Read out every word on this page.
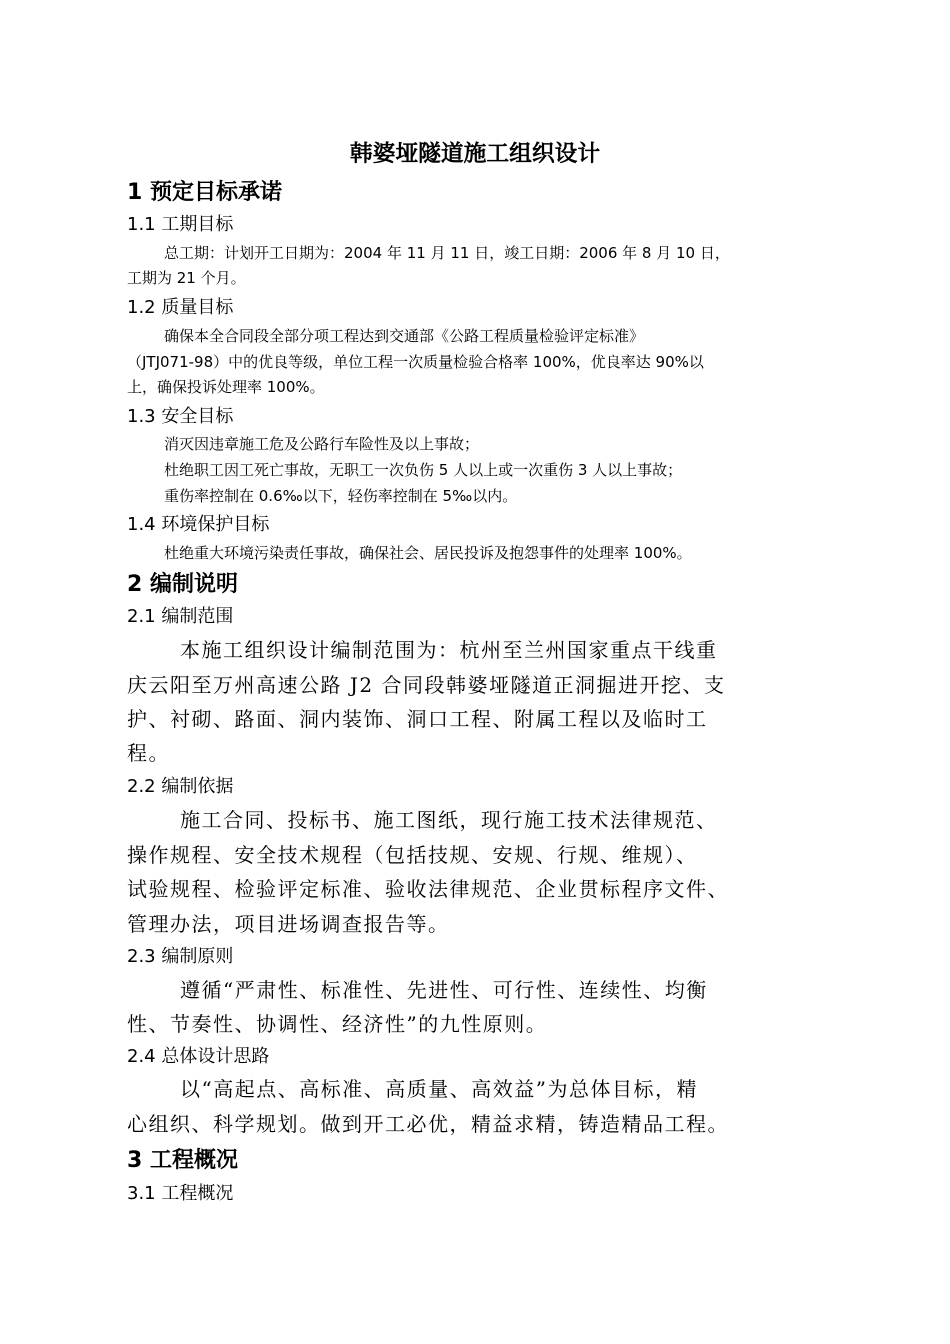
韩婆垭隧道施工组织设计
1 预定目标承诺
1.1 工期目标
总工期：计划开工日期为：2004 年 11 月 11 日，竣工日期：2006 年 8 月 10 日，
工期为 21 个月。
1.2 质量目标
确保本全合同段全部分项工程达到交通部《公路工程质量检验评定标准》
（JTJ071-98）中的优良等级，单位工程一次质量检验合格率 100%，优良率达 90%以
上，确保投诉处理率 100%。
1.3 安全目标
消灭因违章施工危及公路行车险性及以上事故；
杜绝职工因工死亡事故，无职工一次负伤 5 人以上或一次重伤 3 人以上事故；
重伤率控制在 0.6‰以下，轻伤率控制在 5‰以内。
1.4 环境保护目标
杜绝重大环境污染责任事故，确保社会、居民投诉及抱怨事件的处理率 100%。
2 编制说明
2.1 编制范围
本施工组织设计编制范围为：杭州至兰州国家重点干线重
庆云阳至万州高速公路 J2 合同段韩婆垭隧道正洞掘进开挖、支
护、衬砌、路面、洞内装饰、洞口工程、附属工程以及临时工
程。
2.2 编制依据
施工合同、投标书、施工图纸，现行施工技术法律规范、
操作规程、安全技术规程（包括技规、安规、行规、维规）、
试验规程、检验评定标准、验收法律规范、企业贯标程序文件、
管理办法，项目进场调查报告等。
2.3 编制原则
遵循“严肃性、标准性、先进性、可行性、连续性、均衡
性、节奏性、协调性、经济性”的九性原则。
2.4 总体设计思路
以“高起点、高标准、高质量、高效益”为总体目标，精
心组织、科学规划。做到开工必优，精益求精，铸造精品工程。
3 工程概况
3.1 工程概况
